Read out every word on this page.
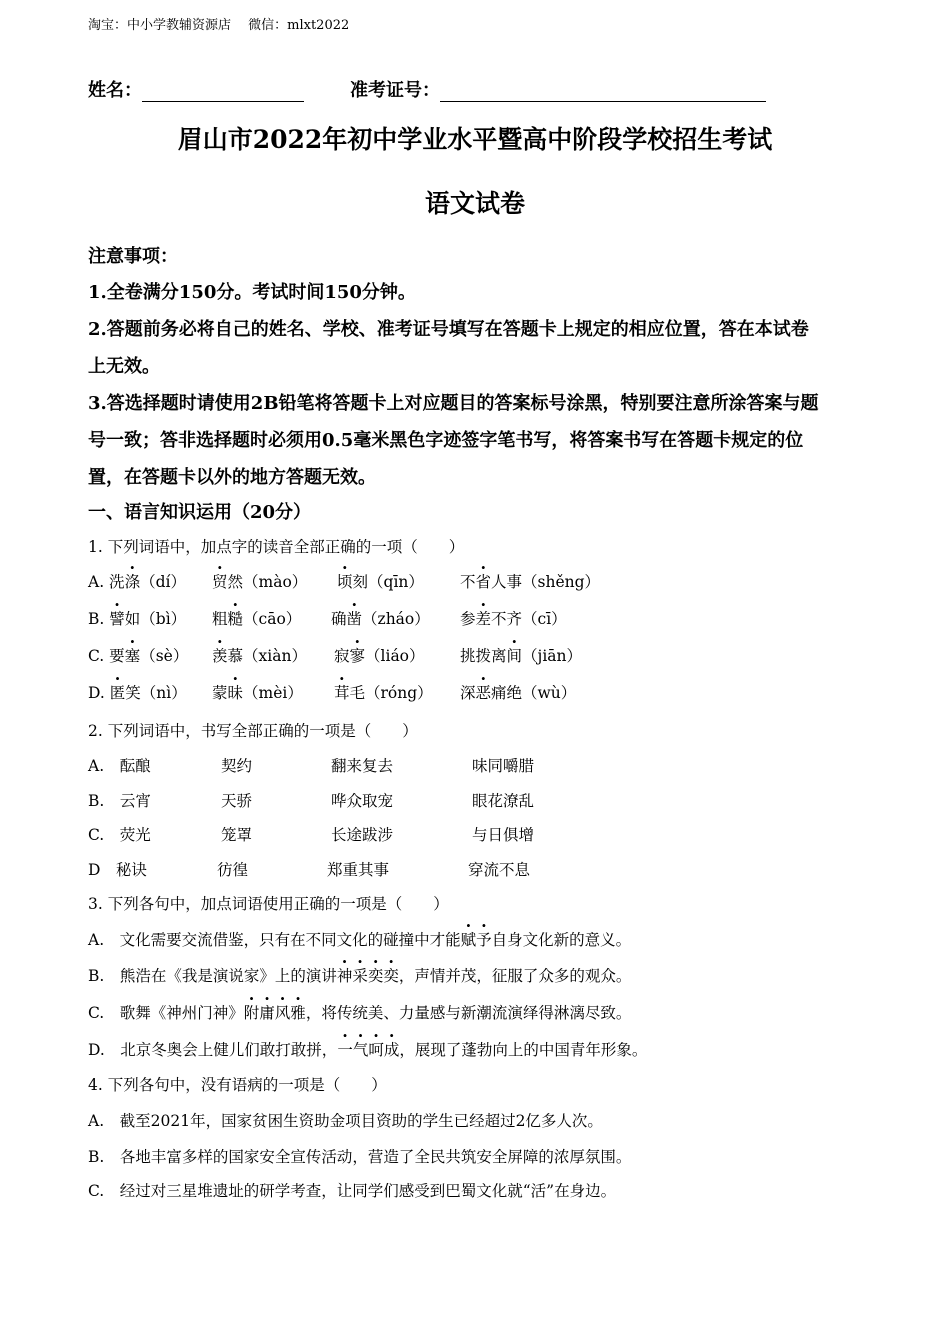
淘宝：中小学教辅资源店　 微信：mlxt2022
姓名：	准考证号：
眉山市2022年初中学业水平暨高中阶段学校招生考试
语文试卷
注意事项：
1.全卷满分150分。考试时间150分钟。
2.答题前务必将自己的姓名、学校、准考证号填写在答题卡上规定的相应位置，答在本试卷
上无效。
3.答选择题时请使用2B铅笔将答题卡上对应题目的答案标号涂黑，特别要注意所涂答案与题
号一致；答非选择题时必须用0.5毫米黑色字迹签字笔书写，将答案书写在答题卡规定的位
置，在答题卡以外的地方答题无效。
一、语言知识运用（20分）
1. 下列词语中，加点字的读音全部正确的一项（　　）
A. 洗涤（dí） 贸然（mào） 顷刻（qīn） 不省人事（shěng）
B. 譬如（bì） 粗糙（cāo） 确凿（zháo） 参差不齐（cī）
C. 要塞（sè） 羡慕（xiàn） 寂寥（liáo） 挑拨离间（jiān）
D. 匿笑（nì） 蒙昧（mèi） 茸毛（róng） 深恶痛绝（wù）
2. 下列词语中，书写全部正确的一项是（　　）
A.　酝酿	契约	翻来复去	味同嚼腊
B.　云宵	天骄	哗众取宠	眼花潦乱
C.　荧光	笼罩	长途跋涉	与日俱增
D　秘诀	彷徨	郑重其事	穿流不息
3. 下列各句中，加点词语使用正确的一项是（　　）
A.　文化需要交流借鉴，只有在不同文化的碰撞中才能赋予自身文化新的意义。
B.　熊浩在《我是演说家》上的演讲神采奕奕，声情并茂，征服了众多的观众。
C.　歌舞《神州门神》附庸风雅，将传统美、力量感与新潮流演绎得淋漓尽致。
D.　北京冬奥会上健儿们敢打敢拼，一气呵成，展现了蓬勃向上的中国青年形象。
4. 下列各句中，没有语病的一项是（　　）
A.　截至2021年，国家贫困生资助金项目资助的学生已经超过2亿多人次。
B.　各地丰富多样的国家安全宣传活动，营造了全民共筑安全屏障的浓厚氛围。
C.　经过对三星堆遗址的研学考查，让同学们感受到巴蜀文化就“活”在身边。
